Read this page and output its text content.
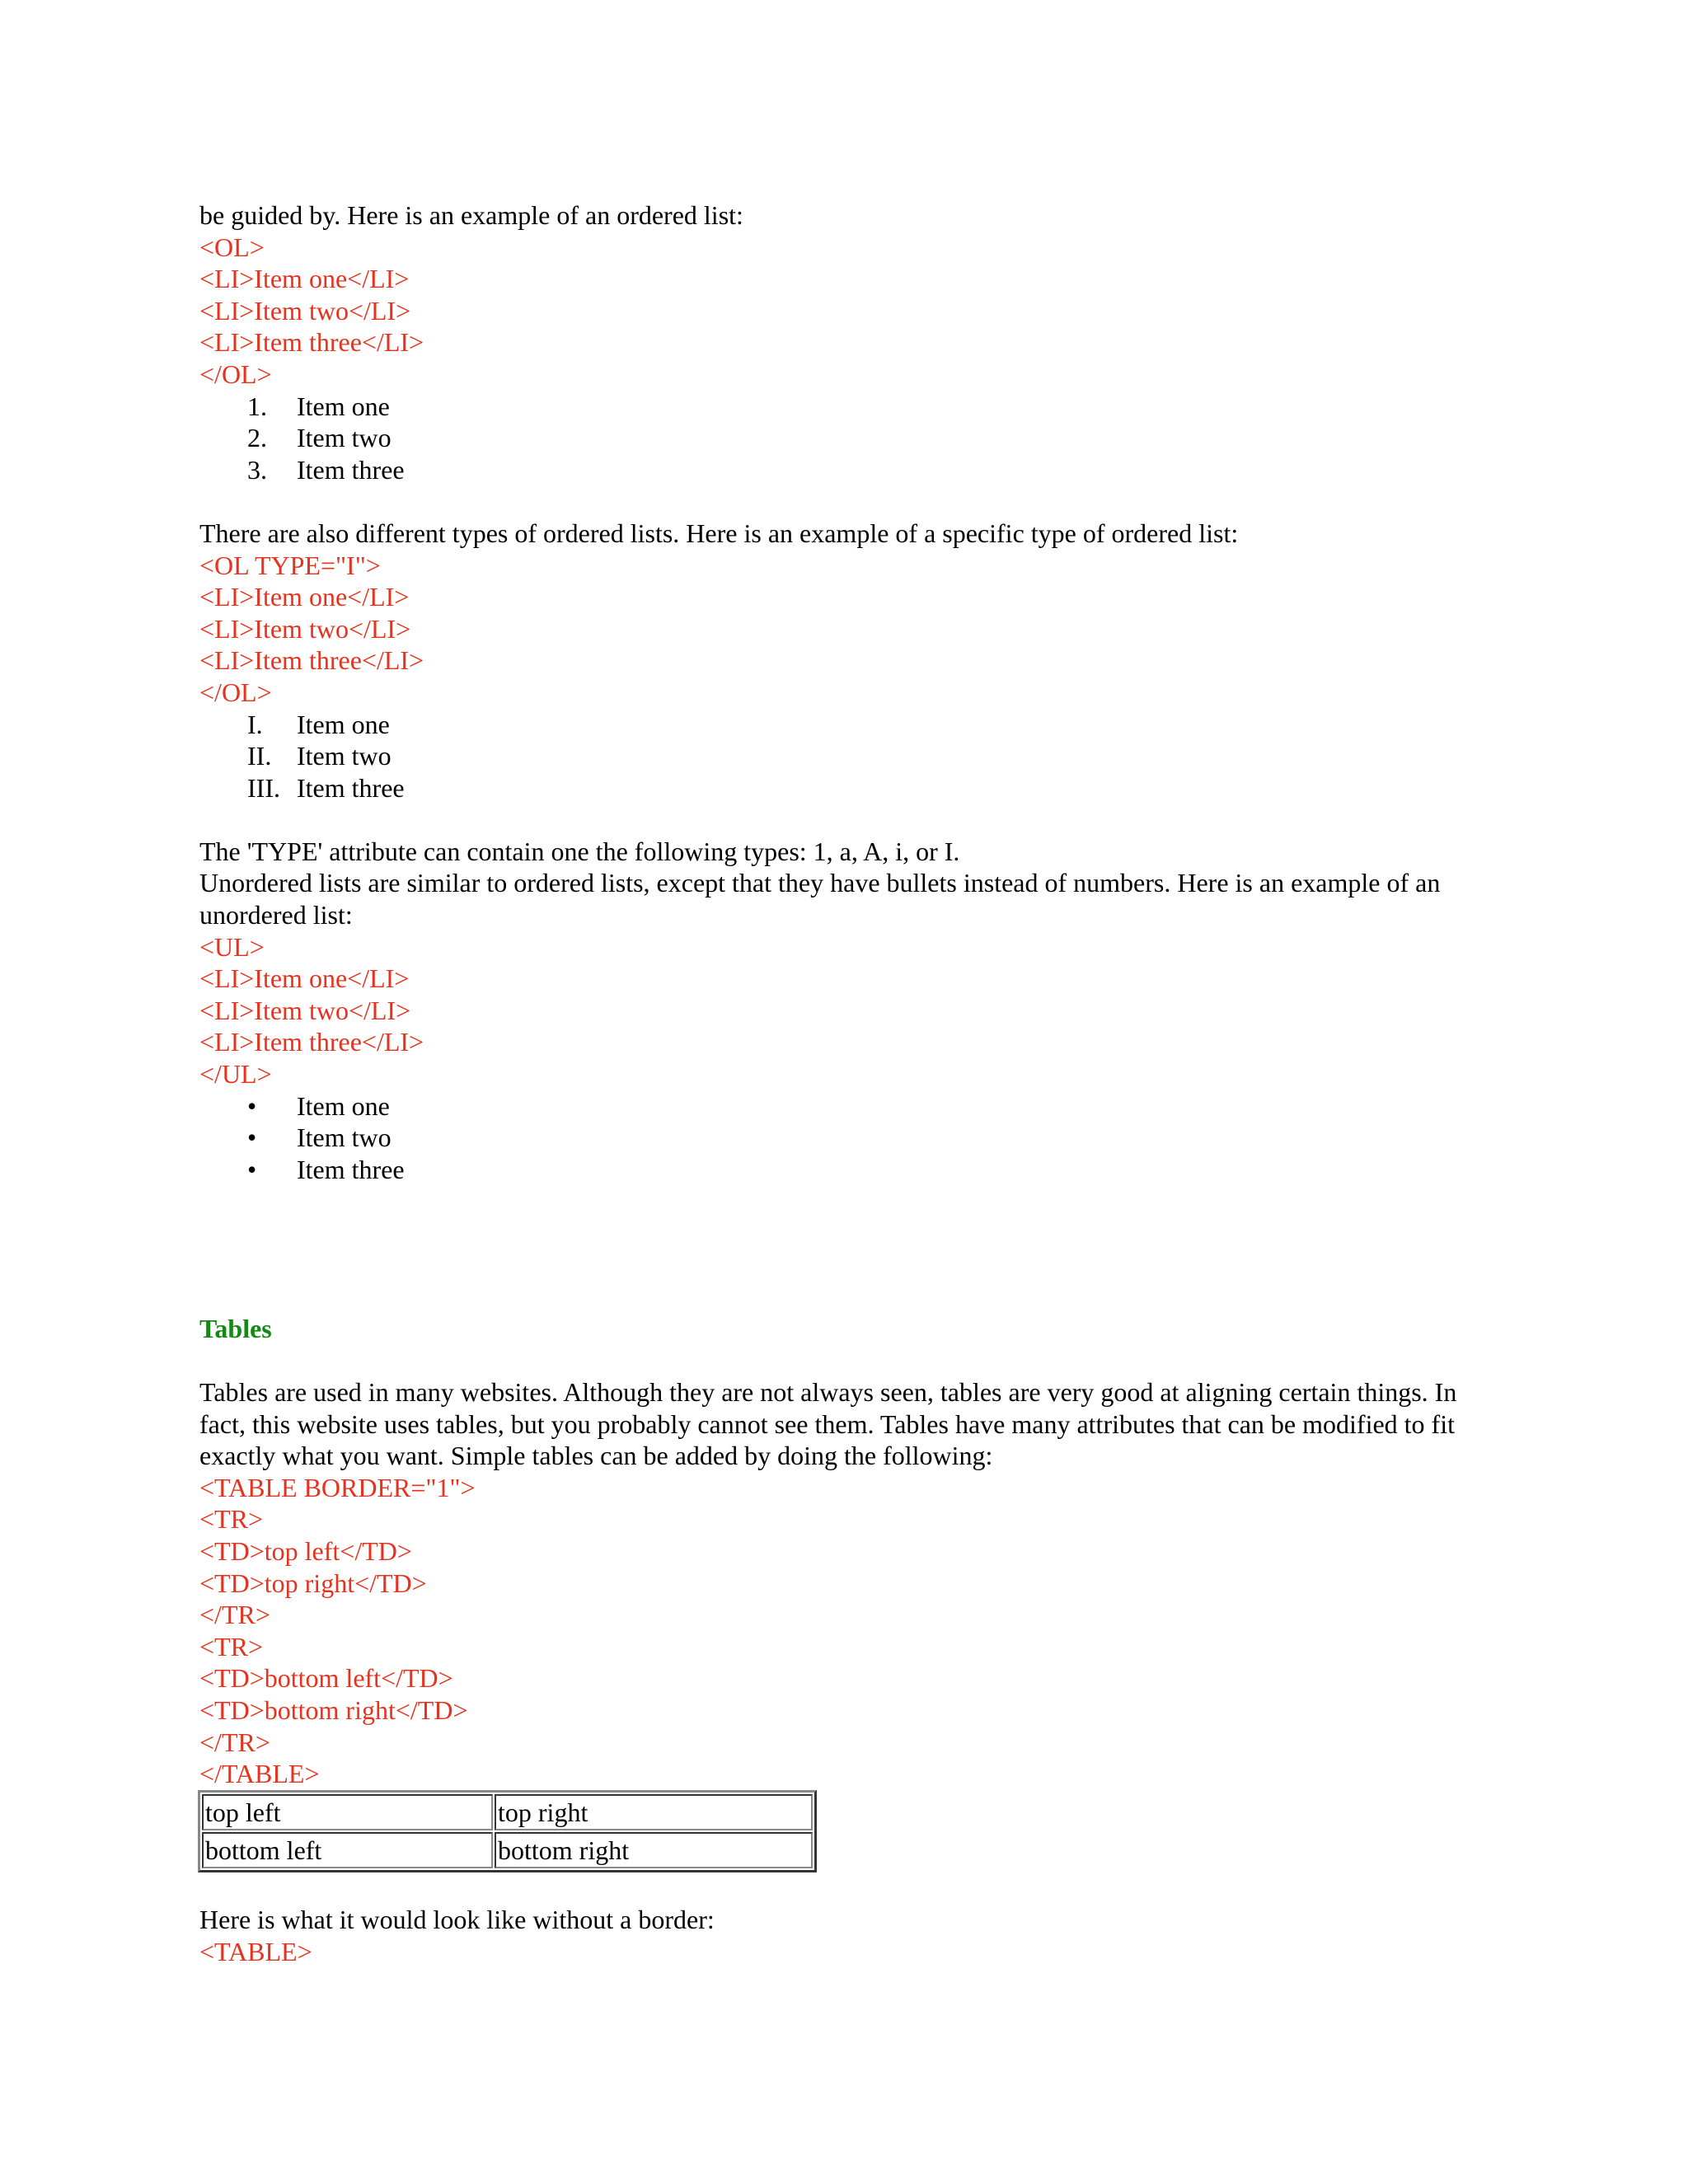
be guided by. Here is an example of an ordered list:
<OL>
<LI>Item one</LI>
<LI>Item two</LI>
<LI>Item three</LI>
</OL>
1.	Item one
2.	Item two
3.	Item three
There are also different types of ordered lists. Here is an example of a specific type of ordered list:
<OL TYPE="I">
<LI>Item one</LI>
<LI>Item two</LI>
<LI>Item three</LI>
</OL>
I.	Item one
II. Item two
III. Item three
The 'TYPE' attribute can contain one the following types: 1, a, A, i, or I.
Unordered lists are similar to ordered lists, except that they have bullets instead of numbers. Here is an example of an unordered list:
<UL>
<LI>Item one</LI>
<LI>Item two</LI>
<LI>Item three</LI>
</UL>
•	Item one
•	Item two
•	Item three
Tables
Tables are used in many websites. Although they are not always seen, tables are very good at aligning certain things. In fact, this website uses tables, but you probably cannot see them. Tables have many attributes that can be modified to fit exactly what you want. Simple tables can be added by doing the following:
<TABLE BORDER="1">
<TR>
<TD>top left</TD>
<TD>top right</TD>
</TR>
<TR>
<TD>bottom left</TD>
<TD>bottom right</TD>
</TR>
</TABLE>
top left	top right
bottom left	bottom right
Here is what it would look like without a border:
<TABLE>
